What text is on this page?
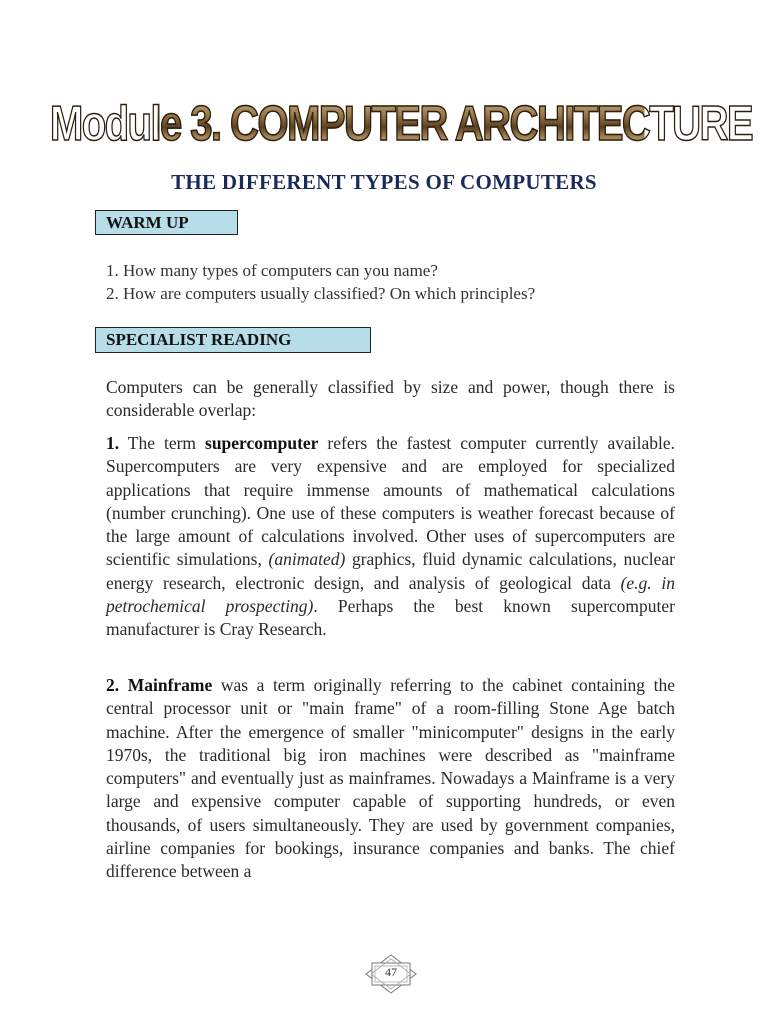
Module 3. COMPUTER ARCHITECTURE
THE DIFFERENT TYPES OF COMPUTERS
WARM UP
1. How many types of computers can you name?
2. How are computers usually classified? On which principles?
SPECIALIST READING

Computers can be generally classified by size and power, though there is considerable overlap:

1. The term supercomputer refers the fastest computer currently available. Supercomputers are very expensive and are employed for specialized applications that require immense amounts of mathematical calculations (number crunching). One use of these computers is weather forecast because of the large amount of calculations involved. Other uses of supercomputers are scientific simulations, (animated) graphics, fluid dynamic calculations, nuclear energy research, electronic design, and analysis of geological data (e.g. in petrochemical prospecting). Perhaps the best known supercomputer manufacturer is Cray Research.

2. Mainframe was a term originally referring to the cabinet containing the central processor unit or "main frame" of a room-filling Stone Age batch machine. After the emergence of smaller "minicomputer" designs in the early 1970s, the traditional big iron machines were described as "mainframe computers" and eventually just as mainframes. Nowadays a Mainframe is a very large and expensive computer capable of supporting hundreds, or even thousands, of users simultaneously. They are used by government companies, airline companies for bookings, insurance companies and banks. The chief difference between a

47
